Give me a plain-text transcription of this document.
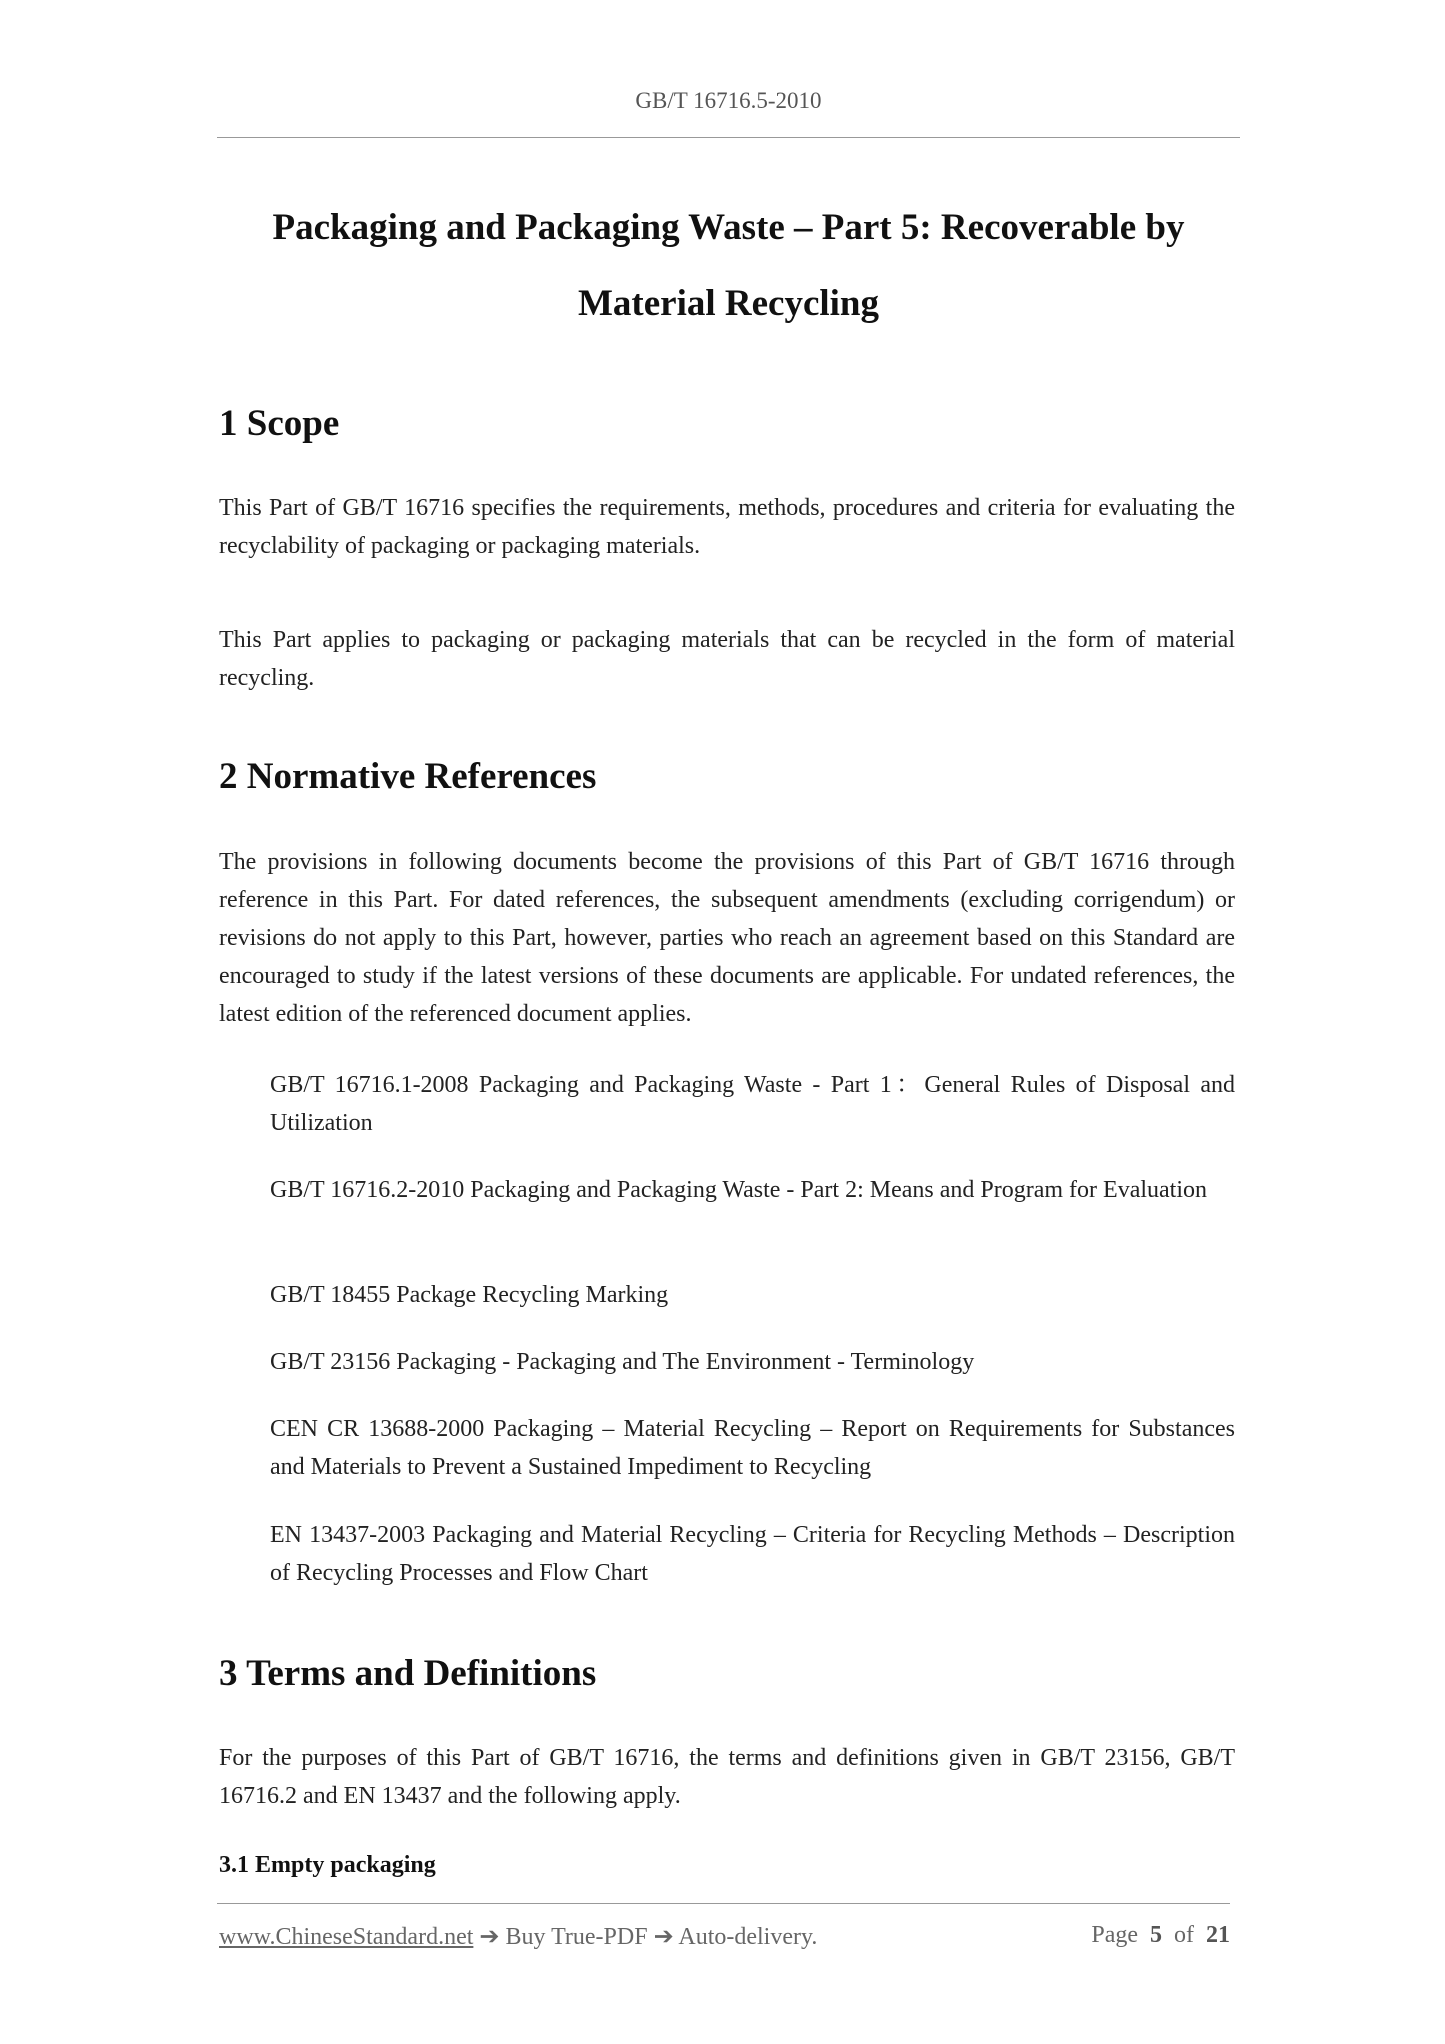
GB/T 16716.5-2010
Packaging and Packaging Waste – Part 5: Recoverable by
Material Recycling
1 Scope

This Part of GB/T 16716 specifies the requirements, methods, procedures and criteria for evaluating the recyclability of packaging or packaging materials.

This Part applies to packaging or packaging materials that can be recycled in the form of material recycling.

2 Normative References

The provisions in following documents become the provisions of this Part of GB/T 16716 through reference in this Part. For dated references, the subsequent amendments (excluding corrigendum) or revisions do not apply to this Part, however, parties who reach an agreement based on this Standard are encouraged to study if the latest versions of these documents are applicable. For undated references, the latest edition of the referenced document applies.

GB/T 16716.1-2008 Packaging and Packaging Waste - Part 1：General Rules of Disposal and Utilization

GB/T 16716.2-2010 Packaging and Packaging Waste - Part 2: Means and Program for Evaluation

GB/T 18455 Package Recycling Marking

GB/T 23156 Packaging - Packaging and The Environment - Terminology

CEN CR 13688-2000 Packaging – Material Recycling – Report on Requirements for Substances and Materials to Prevent a Sustained Impediment to Recycling

EN 13437-2003 Packaging and Material Recycling – Criteria for Recycling Methods – Description of Recycling Processes and Flow Chart

3 Terms and Definitions

For the purposes of this Part of GB/T 16716, the terms and definitions given in GB/T 23156, GB/T 16716.2 and EN 13437 and the following apply.

3.1 Empty packaging
www.ChineseStandard.net ➔ Buy True-PDF ➔ Auto-delivery.	Page 5 of 21
